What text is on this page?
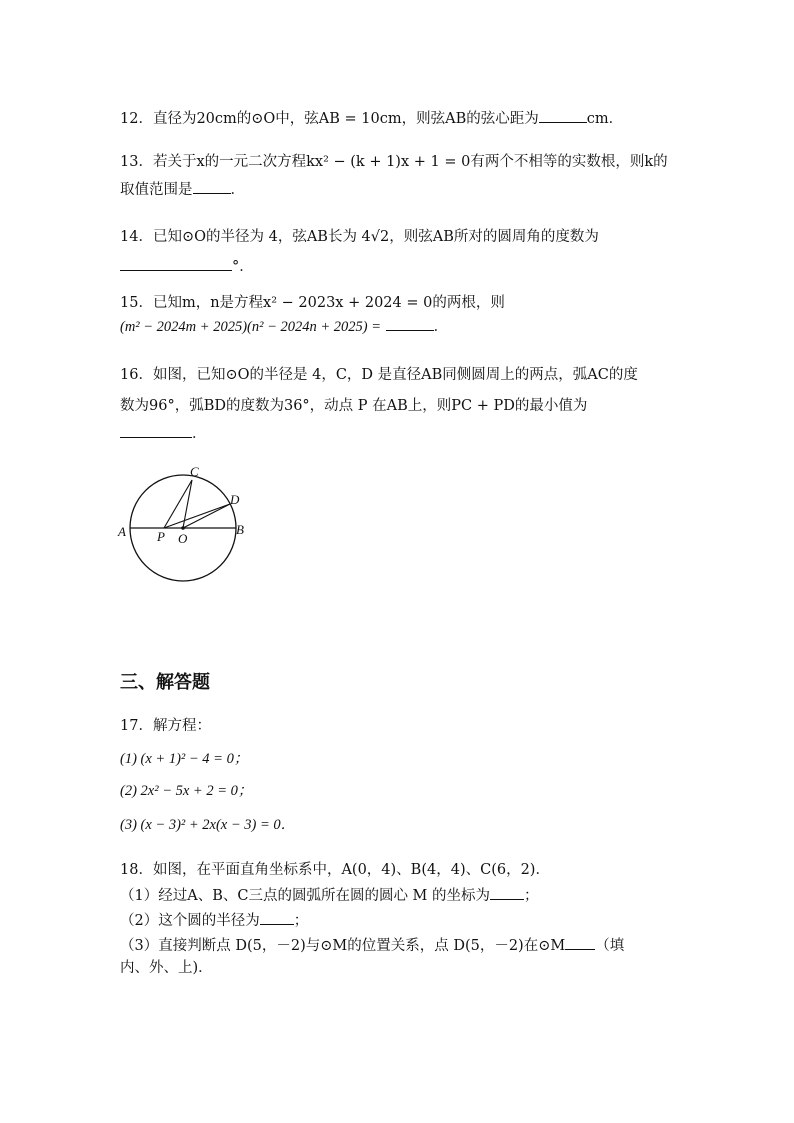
12．直径为20cm的⊙O中，弦AB = 10cm，则弦AB的弦心距为	cm．
13．若关于x的一元二次方程kx² − (k + 1)x + 1 = 0有两个不相等的实数根，则k的
取值范围是	．
14．已知⊙O的半径为 4，弦AB长为 4√2，则弦AB所对的圆周角的度数为
°．
15．已知m，n是方程x² − 2023x + 2024 = 0的两根，则
(m² − 2024m + 2025)(n² − 2024n + 2025) =	．
16．如图，已知⊙O的半径是 4，C，D 是直径AB同侧圆周上的两点，弧AC的度
数为96°，弧BD的度数为36°，动点 P 在AB上，则PC + PD的最小值为
．
A	B
C
D
P O
三、解答题
17．解方程：
(1) (x + 1)² − 4 = 0；
(2) 2x² − 5x + 2 = 0；
(3) (x − 3)² + 2x(x − 3) = 0．
18．如图，在平面直角坐标系中，A(0，4)、B(4，4)、C(6，2)．
（1）经过A、B、C三点的圆弧所在圆的圆心 M 的坐标为 ；
（2）这个圆的半径为 ；
（3）直接判断点 D(5，－2)与⊙M的位置关系，点 D(5，－2)在⊙M （填
内、外、上)．
